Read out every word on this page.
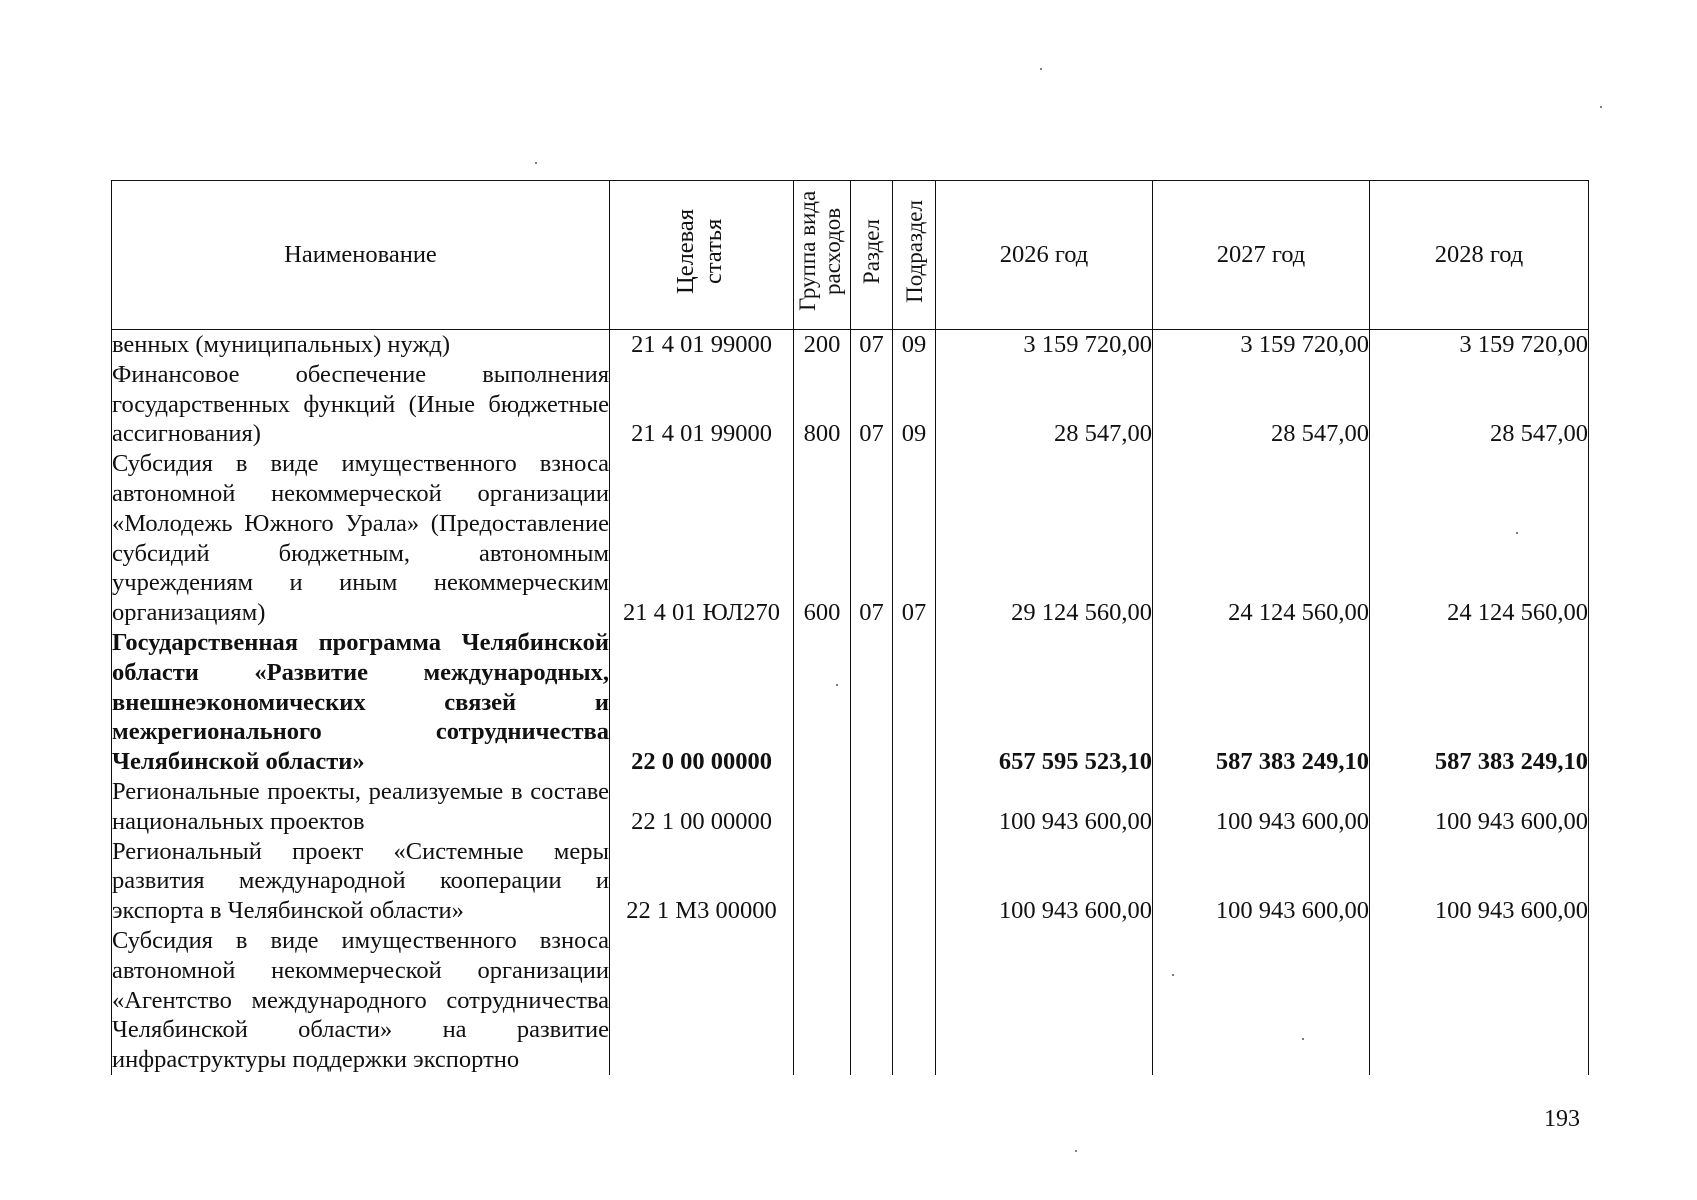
Наименование	Целевая статья	Группа вида расходов	Раздел	Подраздел	2026 год	2027 год	2028 год
венных (муниципальных) нужд)	21 4 01 99000	200	07	09	3 159 720,00	3 159 720,00	3 159 720,00
Финансовое обеспечение выполнения государственных функций (Иные бюджетные ассигнования)	21 4 01 99000	800	07	09	28 547,00	28 547,00	28 547,00
Субсидия в виде имущественного взноса автономной некоммерческой организации «Молодежь Южного Урала» (Предоставление субсидий бюджетным, автономным учреждениям и иным некоммерческим организациям)	21 4 01 ЮЛ270	600	07	07	29 124 560,00	24 124 560,00	24 124 560,00
Государственная программа Челябинской области «Развитие международных, внешнеэкономических связей и межрегионального сотрудничества Челябинской области»	22 0 00 00000				657 595 523,10	587 383 249,10	587 383 249,10
Региональные проекты, реализуемые в составе национальных проектов	22 1 00 00000				100 943 600,00	100 943 600,00	100 943 600,00
Региональный проект «Системные меры развития международной кооперации и экспорта в Челябинской области»	22 1 М3 00000				100 943 600,00	100 943 600,00	100 943 600,00
Субсидия в виде имущественного взноса автономной некоммерческой организации «Агентство международного сотрудничества Челябинской области» на развитие инфраструктуры поддержки экспортно							
193
